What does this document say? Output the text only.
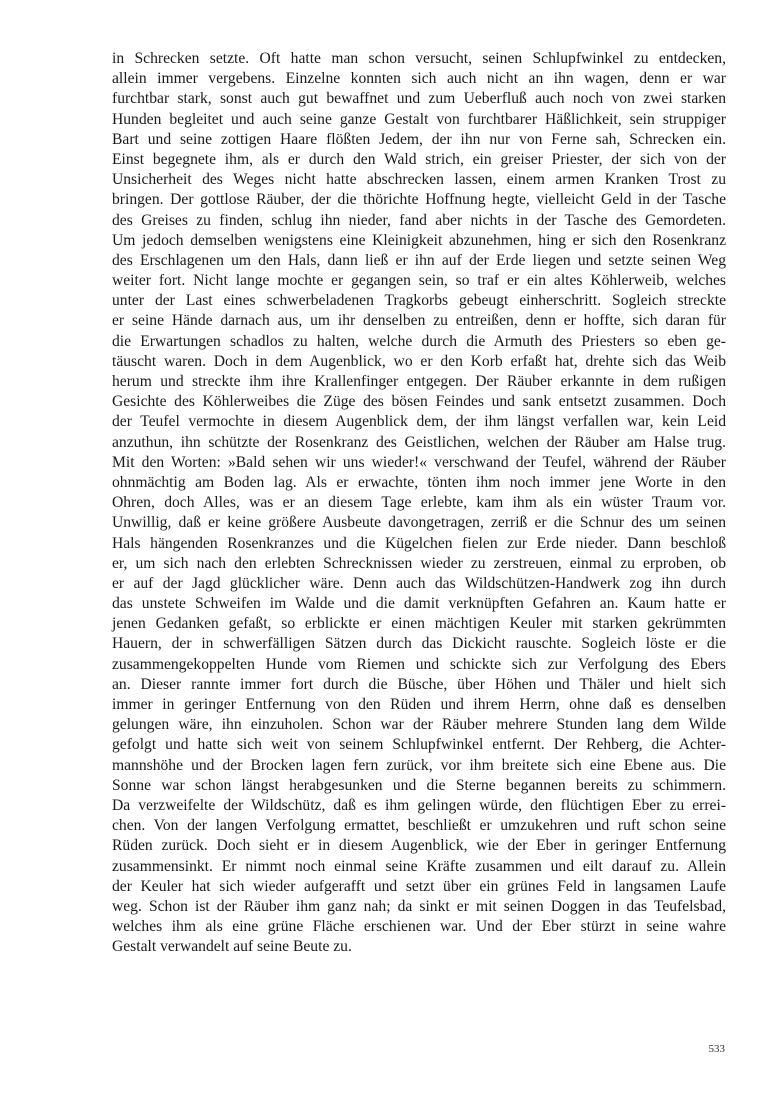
in Schrecken setzte. Oft hatte man schon versucht, seinen Schlupfwinkel zu entdecken,
allein immer vergebens. Einzelne konnten sich auch nicht an ihn wagen, denn er war
furchtbar stark, sonst auch gut bewaffnet und zum Ueberfluß auch noch von zwei starken
Hunden begleitet und auch seine ganze Gestalt von furchtbarer Häßlichkeit, sein struppiger
Bart und seine zottigen Haare flößten Jedem, der ihn nur von Ferne sah, Schrecken ein.
Einst begegnete ihm, als er durch den Wald strich, ein greiser Priester, der sich von der
Unsicherheit des Weges nicht hatte abschrecken lassen, einem armen Kranken Trost zu
bringen. Der gottlose Räuber, der die thörichte Hoffnung hegte, vielleicht Geld in der Tasche
des Greises zu finden, schlug ihn nieder, fand aber nichts in der Tasche des Gemordeten.
Um jedoch demselben wenigstens eine Kleinigkeit abzunehmen, hing er sich den Rosenkranz
des Erschlagenen um den Hals, dann ließ er ihn auf der Erde liegen und setzte seinen Weg
weiter fort. Nicht lange mochte er gegangen sein, so traf er ein altes Köhlerweib, welches
unter der Last eines schwerbeladenen Tragkorbs gebeugt einherschritt. Sogleich streckte
er seine Hände darnach aus, um ihr denselben zu entreißen, denn er hoffte, sich daran für
die Erwartungen schadlos zu halten, welche durch die Armuth des Priesters so eben ge-
täuscht waren. Doch in dem Augenblick, wo er den Korb erfaßt hat, drehte sich das Weib
herum und streckte ihm ihre Krallenfinger entgegen. Der Räuber erkannte in dem rußigen
Gesichte des Köhlerweibes die Züge des bösen Feindes und sank entsetzt zusammen. Doch
der Teufel vermochte in diesem Augenblick dem, der ihm längst verfallen war, kein Leid
anzuthun, ihn schützte der Rosenkranz des Geistlichen, welchen der Räuber am Halse trug.
Mit den Worten: »Bald sehen wir uns wieder!« verschwand der Teufel, während der Räuber
ohnmächtig am Boden lag. Als er erwachte, tönten ihm noch immer jene Worte in den
Ohren, doch Alles, was er an diesem Tage erlebte, kam ihm als ein wüster Traum vor.
Unwillig, daß er keine größere Ausbeute davongetragen, zerriß er die Schnur des um seinen
Hals hängenden Rosenkranzes und die Kügelchen fielen zur Erde nieder. Dann beschloß
er, um sich nach den erlebten Schrecknissen wieder zu zerstreuen, einmal zu erproben, ob
er auf der Jagd glücklicher wäre. Denn auch das Wildschützen-Handwerk zog ihn durch
das unstete Schweifen im Walde und die damit verknüpften Gefahren an. Kaum hatte er
jenen Gedanken gefaßt, so erblickte er einen mächtigen Keuler mit starken gekrümmten
Hauern, der in schwerfälligen Sätzen durch das Dickicht rauschte. Sogleich löste er die
zusammengekoppelten Hunde vom Riemen und schickte sich zur Verfolgung des Ebers
an. Dieser rannte immer fort durch die Büsche, über Höhen und Thäler und hielt sich
immer in geringer Entfernung von den Rüden und ihrem Herrn, ohne daß es denselben
gelungen wäre, ihn einzuholen. Schon war der Räuber mehrere Stunden lang dem Wilde
gefolgt und hatte sich weit von seinem Schlupfwinkel entfernt. Der Rehberg, die Achter-
mannshöhe und der Brocken lagen fern zurück, vor ihm breitete sich eine Ebene aus. Die
Sonne war schon längst herabgesunken und die Sterne begannen bereits zu schimmern.
Da verzweifelte der Wildschütz, daß es ihm gelingen würde, den flüchtigen Eber zu errei-
chen. Von der langen Verfolgung ermattet, beschließt er umzukehren und ruft schon seine
Rüden zurück. Doch sieht er in diesem Augenblick, wie der Eber in geringer Entfernung
zusammensinkt. Er nimmt noch einmal seine Kräfte zusammen und eilt darauf zu. Allein
der Keuler hat sich wieder aufgerafft und setzt über ein grünes Feld in langsamen Laufe
weg. Schon ist der Räuber ihm ganz nah; da sinkt er mit seinen Doggen in das Teufelsbad,
welches ihm als eine grüne Fläche erschienen war. Und der Eber stürzt in seine wahre
Gestalt verwandelt auf seine Beute zu.
533
